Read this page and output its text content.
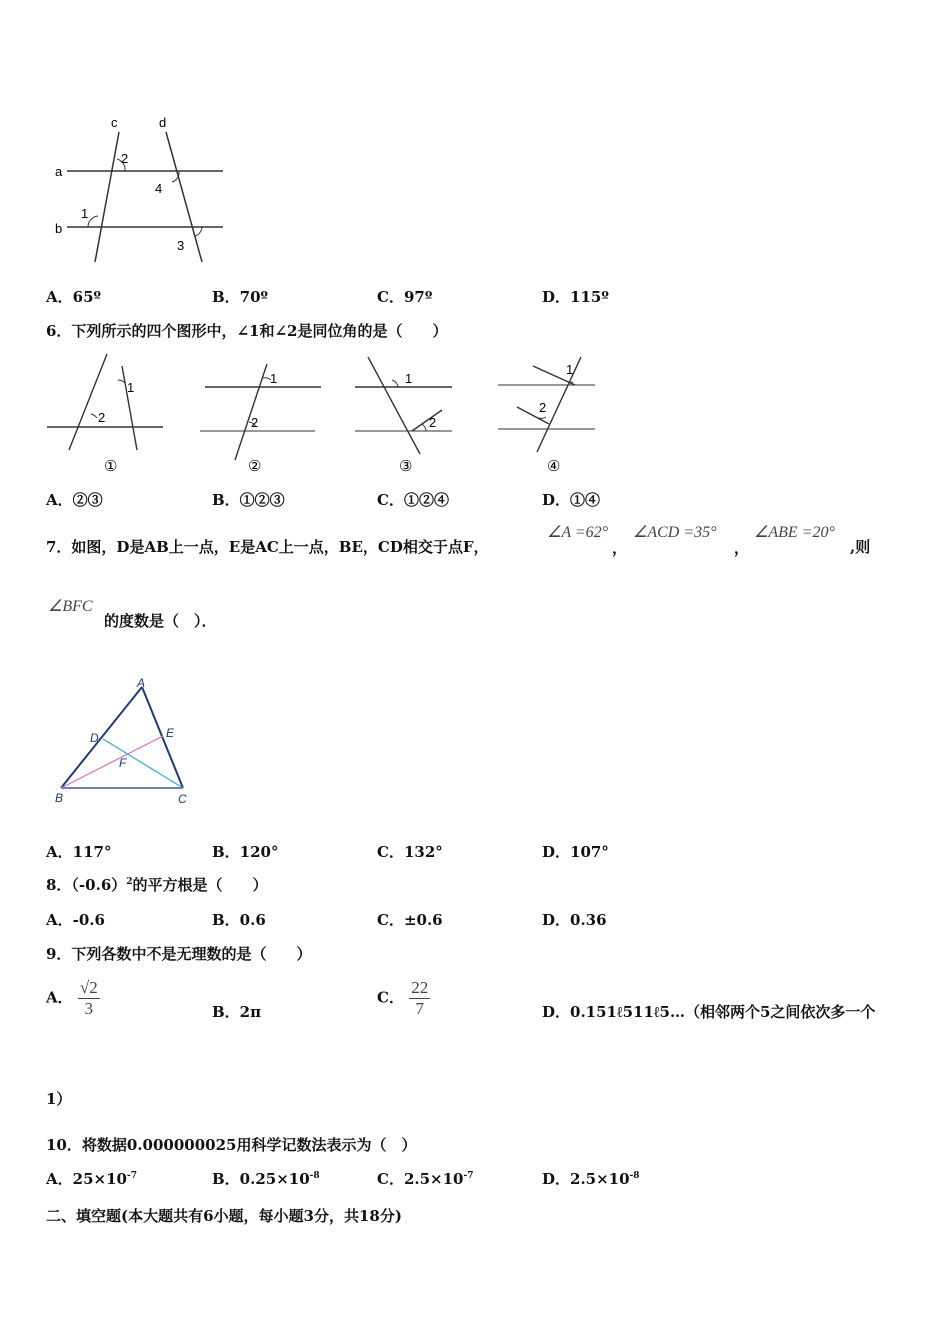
c	d
a
b
2
4
1
3
A．65º	B．70º	C．97º	D．115º
6．下列所示的四个图形中，∠1和∠2是同位角的是（　　）
1
2
①
1
2
②
1
2
③
1
2
④
A．②③	B．①②③	C．①②④	D．①④
7．如图，D是AB上一点，E是AC上一点，BE，CD相交于点F，
∠A =62°
，
∠ACD =35°
，
∠ABE =20°
,则
∠BFC
的度数是（　）．
A
D	E
F
B	C
A．117°	B．120°	C．132°	D．107°
8．$(-0.6)^2$的平方根是（　　）
A．-0.6	B．0.6	C．±0.6	D．0.36
9．下列各数中不是无理数的是（　　）
A． $\frac{√2}{3}$	B．2π
C． $\frac{22}{7}$	D．0.151ℓ511ℓ5…（相邻两个5之间依次多一个
1）
10．将数据0.000000025用科学记数法表示为（　）
A．$25\times 10^{-7}$	B．$0.25\times 10^{-8}$	C．$2.5\times 10^{-7}$	D．$2.5\times 10^{-8}$
二、填空题(本大题共有6小题，每小题3分，共18分)
